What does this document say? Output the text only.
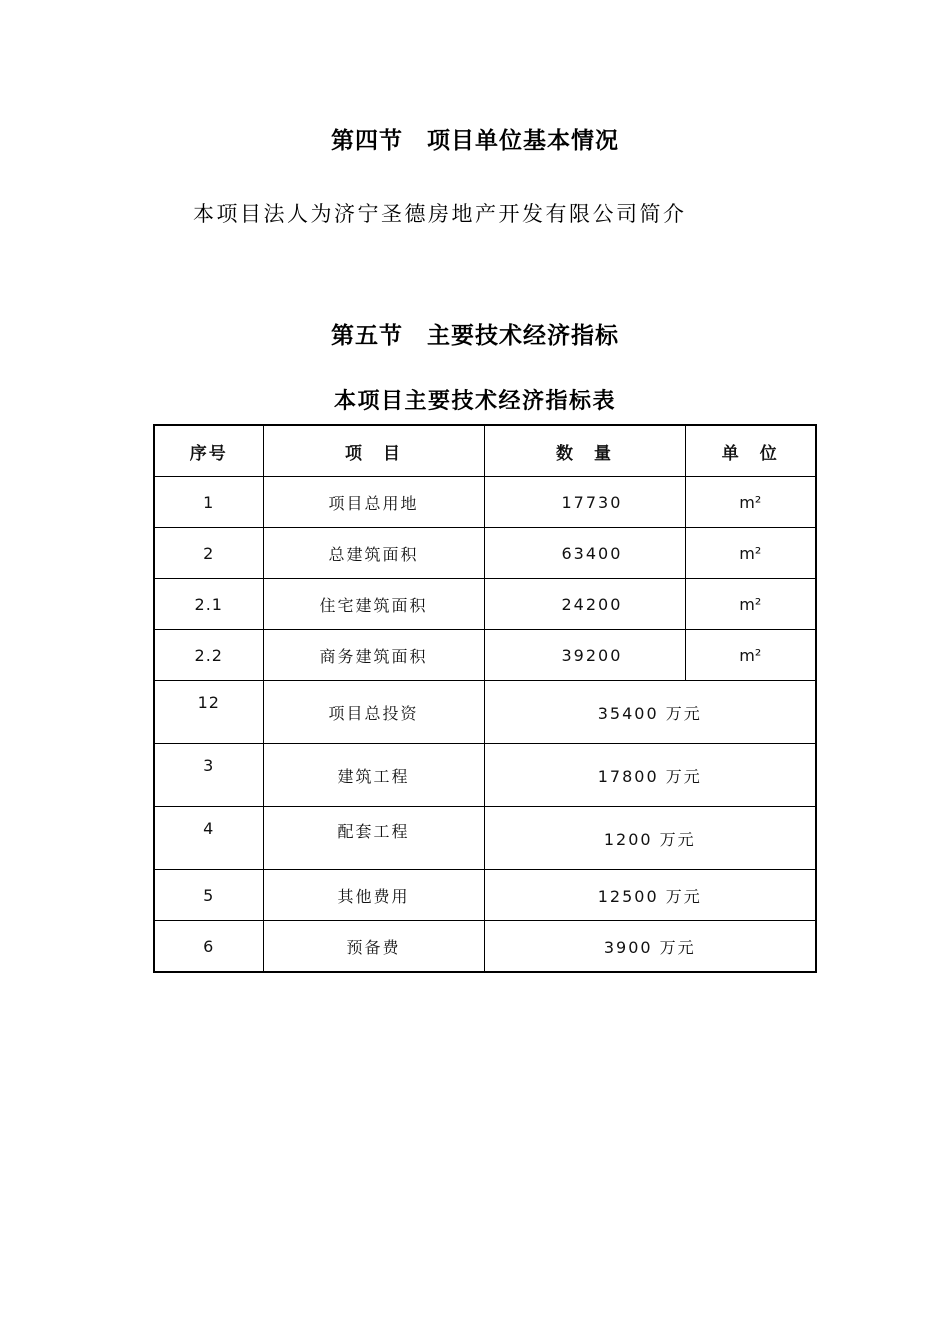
第四节　项目单位基本情况
本项目法人为济宁圣德房地产开发有限公司简介
第五节　主要技术经济指标
本项目主要技术经济指标表
序号	项　目	数　量	单　位
1	项目总用地	17730	m²
2	总建筑面积	63400	m²
2.1	住宅建筑面积	24200	m²
2.2	商务建筑面积	39200	m²
12	项目总投资	35400 万元	
3	建筑工程	17800 万元	
4	配套工程	1200 万元	
5	其他费用	12500 万元	
6	预备费	3900 万元	
